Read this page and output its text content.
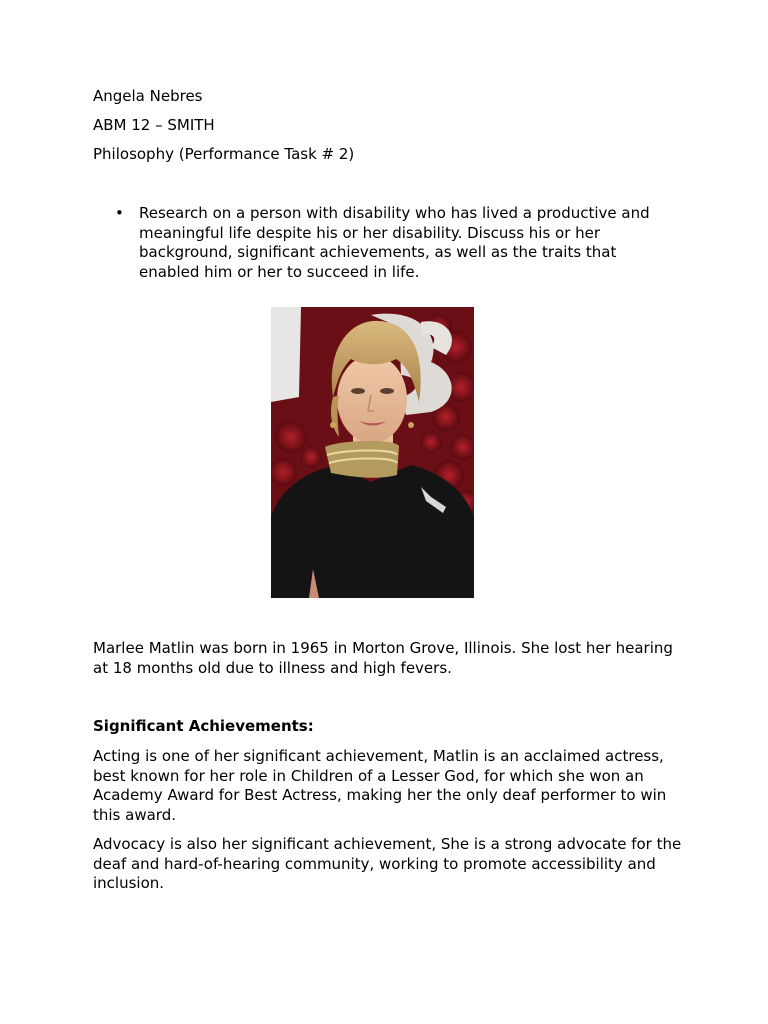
Angela Nebres

ABM 12 – SMITH

Philosophy (Performance Task # 2)

• Research on a person with disability who has lived a productive and meaningful life despite his or her disability. Discuss his or her background, significant achievements, as well as the traits that enabled him or her to succeed in life.

Marlee Matlin was born in 1965 in Morton Grove, Illinois. She lost her hearing at 18 months old due to illness and high fevers.

Significant Achievements:

Acting is one of her significant achievement, Matlin is an acclaimed actress, best known for her role in Children of a Lesser God, for which she won an Academy Award for Best Actress, making her the only deaf performer to win this award.

Advocacy is also her significant achievement, She is a strong advocate for the deaf and hard-of-hearing community, working to promote accessibility and inclusion.
